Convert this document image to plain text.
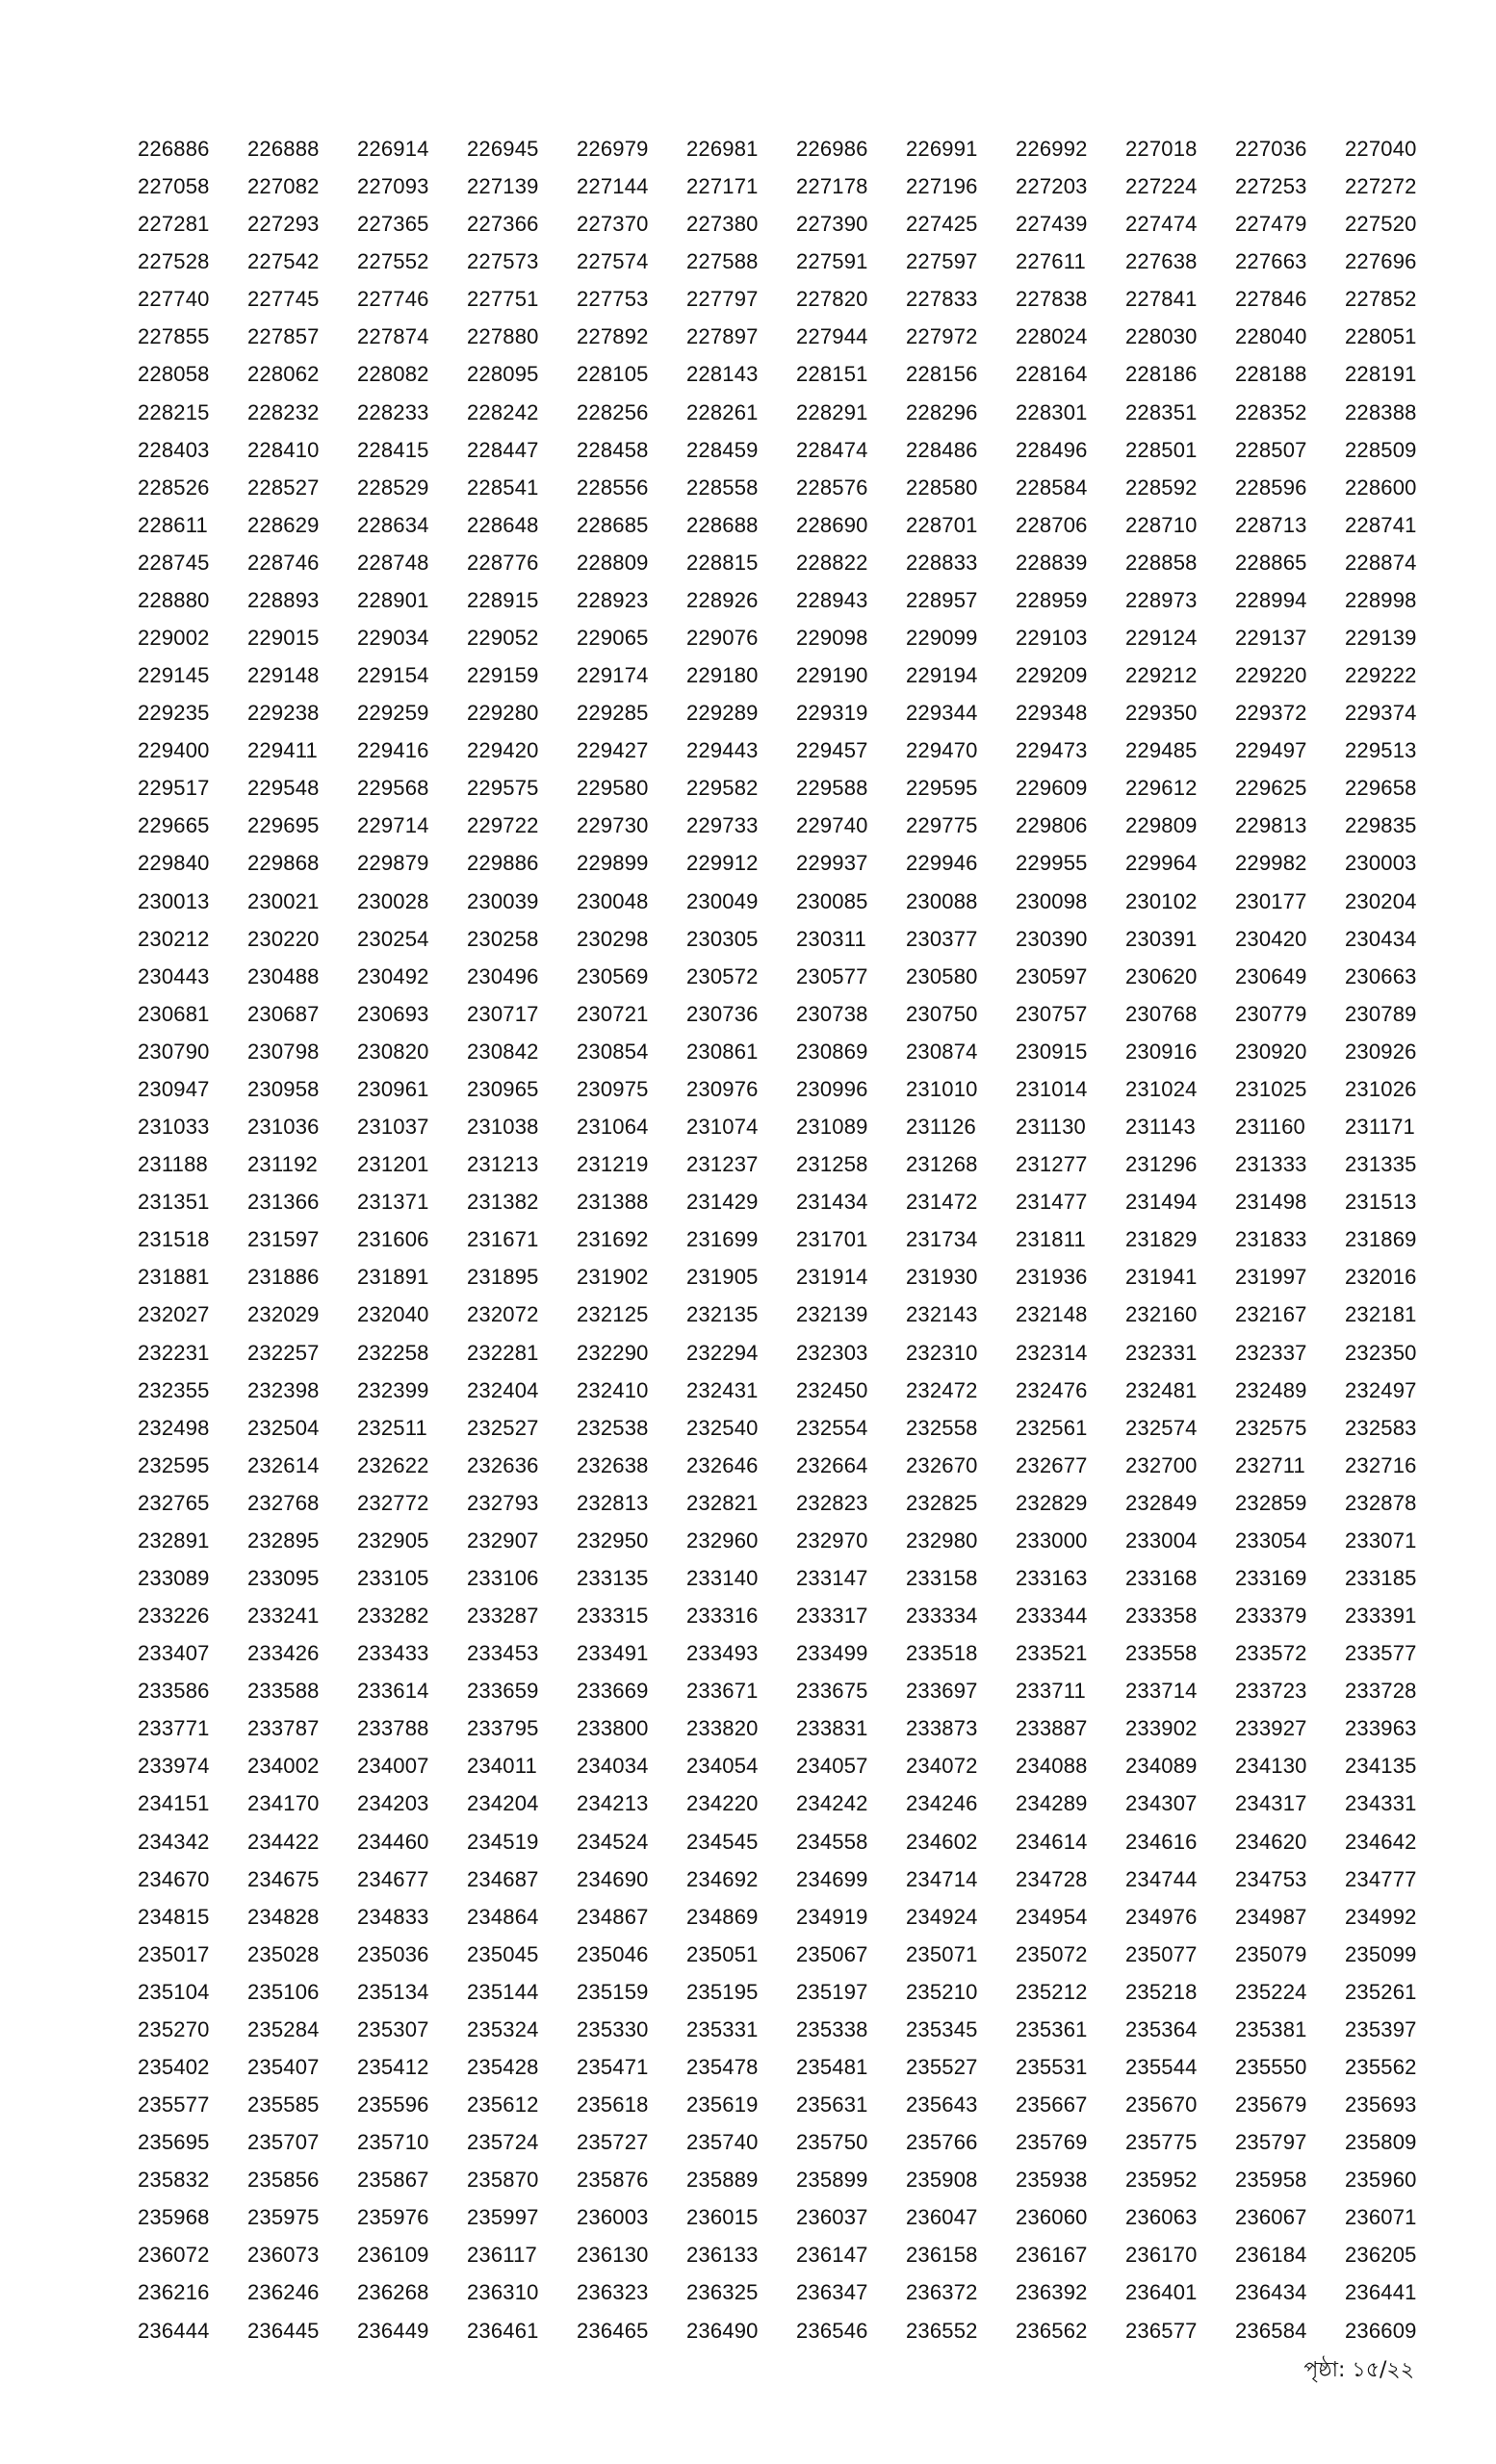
226886	226888	226914	226945	226979	226981	226986	226991	226992	227018	227036	227040
227058	227082	227093	227139	227144	227171	227178	227196	227203	227224	227253	227272
227281	227293	227365	227366	227370	227380	227390	227425	227439	227474	227479	227520
227528	227542	227552	227573	227574	227588	227591	227597	227611	227638	227663	227696
227740	227745	227746	227751	227753	227797	227820	227833	227838	227841	227846	227852
227855	227857	227874	227880	227892	227897	227944	227972	228024	228030	228040	228051
228058	228062	228082	228095	228105	228143	228151	228156	228164	228186	228188	228191
228215	228232	228233	228242	228256	228261	228291	228296	228301	228351	228352	228388
228403	228410	228415	228447	228458	228459	228474	228486	228496	228501	228507	228509
228526	228527	228529	228541	228556	228558	228576	228580	228584	228592	228596	228600
228611	228629	228634	228648	228685	228688	228690	228701	228706	228710	228713	228741
228745	228746	228748	228776	228809	228815	228822	228833	228839	228858	228865	228874
228880	228893	228901	228915	228923	228926	228943	228957	228959	228973	228994	228998
229002	229015	229034	229052	229065	229076	229098	229099	229103	229124	229137	229139
229145	229148	229154	229159	229174	229180	229190	229194	229209	229212	229220	229222
229235	229238	229259	229280	229285	229289	229319	229344	229348	229350	229372	229374
229400	229411	229416	229420	229427	229443	229457	229470	229473	229485	229497	229513
229517	229548	229568	229575	229580	229582	229588	229595	229609	229612	229625	229658
229665	229695	229714	229722	229730	229733	229740	229775	229806	229809	229813	229835
229840	229868	229879	229886	229899	229912	229937	229946	229955	229964	229982	230003
230013	230021	230028	230039	230048	230049	230085	230088	230098	230102	230177	230204
230212	230220	230254	230258	230298	230305	230311	230377	230390	230391	230420	230434
230443	230488	230492	230496	230569	230572	230577	230580	230597	230620	230649	230663
230681	230687	230693	230717	230721	230736	230738	230750	230757	230768	230779	230789
230790	230798	230820	230842	230854	230861	230869	230874	230915	230916	230920	230926
230947	230958	230961	230965	230975	230976	230996	231010	231014	231024	231025	231026
231033	231036	231037	231038	231064	231074	231089	231126	231130	231143	231160	231171
231188	231192	231201	231213	231219	231237	231258	231268	231277	231296	231333	231335
231351	231366	231371	231382	231388	231429	231434	231472	231477	231494	231498	231513
231518	231597	231606	231671	231692	231699	231701	231734	231811	231829	231833	231869
231881	231886	231891	231895	231902	231905	231914	231930	231936	231941	231997	232016
232027	232029	232040	232072	232125	232135	232139	232143	232148	232160	232167	232181
232231	232257	232258	232281	232290	232294	232303	232310	232314	232331	232337	232350
232355	232398	232399	232404	232410	232431	232450	232472	232476	232481	232489	232497
232498	232504	232511	232527	232538	232540	232554	232558	232561	232574	232575	232583
232595	232614	232622	232636	232638	232646	232664	232670	232677	232700	232711	232716
232765	232768	232772	232793	232813	232821	232823	232825	232829	232849	232859	232878
232891	232895	232905	232907	232950	232960	232970	232980	233000	233004	233054	233071
233089	233095	233105	233106	233135	233140	233147	233158	233163	233168	233169	233185
233226	233241	233282	233287	233315	233316	233317	233334	233344	233358	233379	233391
233407	233426	233433	233453	233491	233493	233499	233518	233521	233558	233572	233577
233586	233588	233614	233659	233669	233671	233675	233697	233711	233714	233723	233728
233771	233787	233788	233795	233800	233820	233831	233873	233887	233902	233927	233963
233974	234002	234007	234011	234034	234054	234057	234072	234088	234089	234130	234135
234151	234170	234203	234204	234213	234220	234242	234246	234289	234307	234317	234331
234342	234422	234460	234519	234524	234545	234558	234602	234614	234616	234620	234642
234670	234675	234677	234687	234690	234692	234699	234714	234728	234744	234753	234777
234815	234828	234833	234864	234867	234869	234919	234924	234954	234976	234987	234992
235017	235028	235036	235045	235046	235051	235067	235071	235072	235077	235079	235099
235104	235106	235134	235144	235159	235195	235197	235210	235212	235218	235224	235261
235270	235284	235307	235324	235330	235331	235338	235345	235361	235364	235381	235397
235402	235407	235412	235428	235471	235478	235481	235527	235531	235544	235550	235562
235577	235585	235596	235612	235618	235619	235631	235643	235667	235670	235679	235693
235695	235707	235710	235724	235727	235740	235750	235766	235769	235775	235797	235809
235832	235856	235867	235870	235876	235889	235899	235908	235938	235952	235958	235960
235968	235975	235976	235997	236003	236015	236037	236047	236060	236063	236067	236071
236072	236073	236109	236117	236130	236133	236147	236158	236167	236170	236184	236205
236216	236246	236268	236310	236323	236325	236347	236372	236392	236401	236434	236441
236444	236445	236449	236461	236465	236490	236546	236552	236562	236577	236584	236609
পৃষ্ঠা: ১৫/২২
